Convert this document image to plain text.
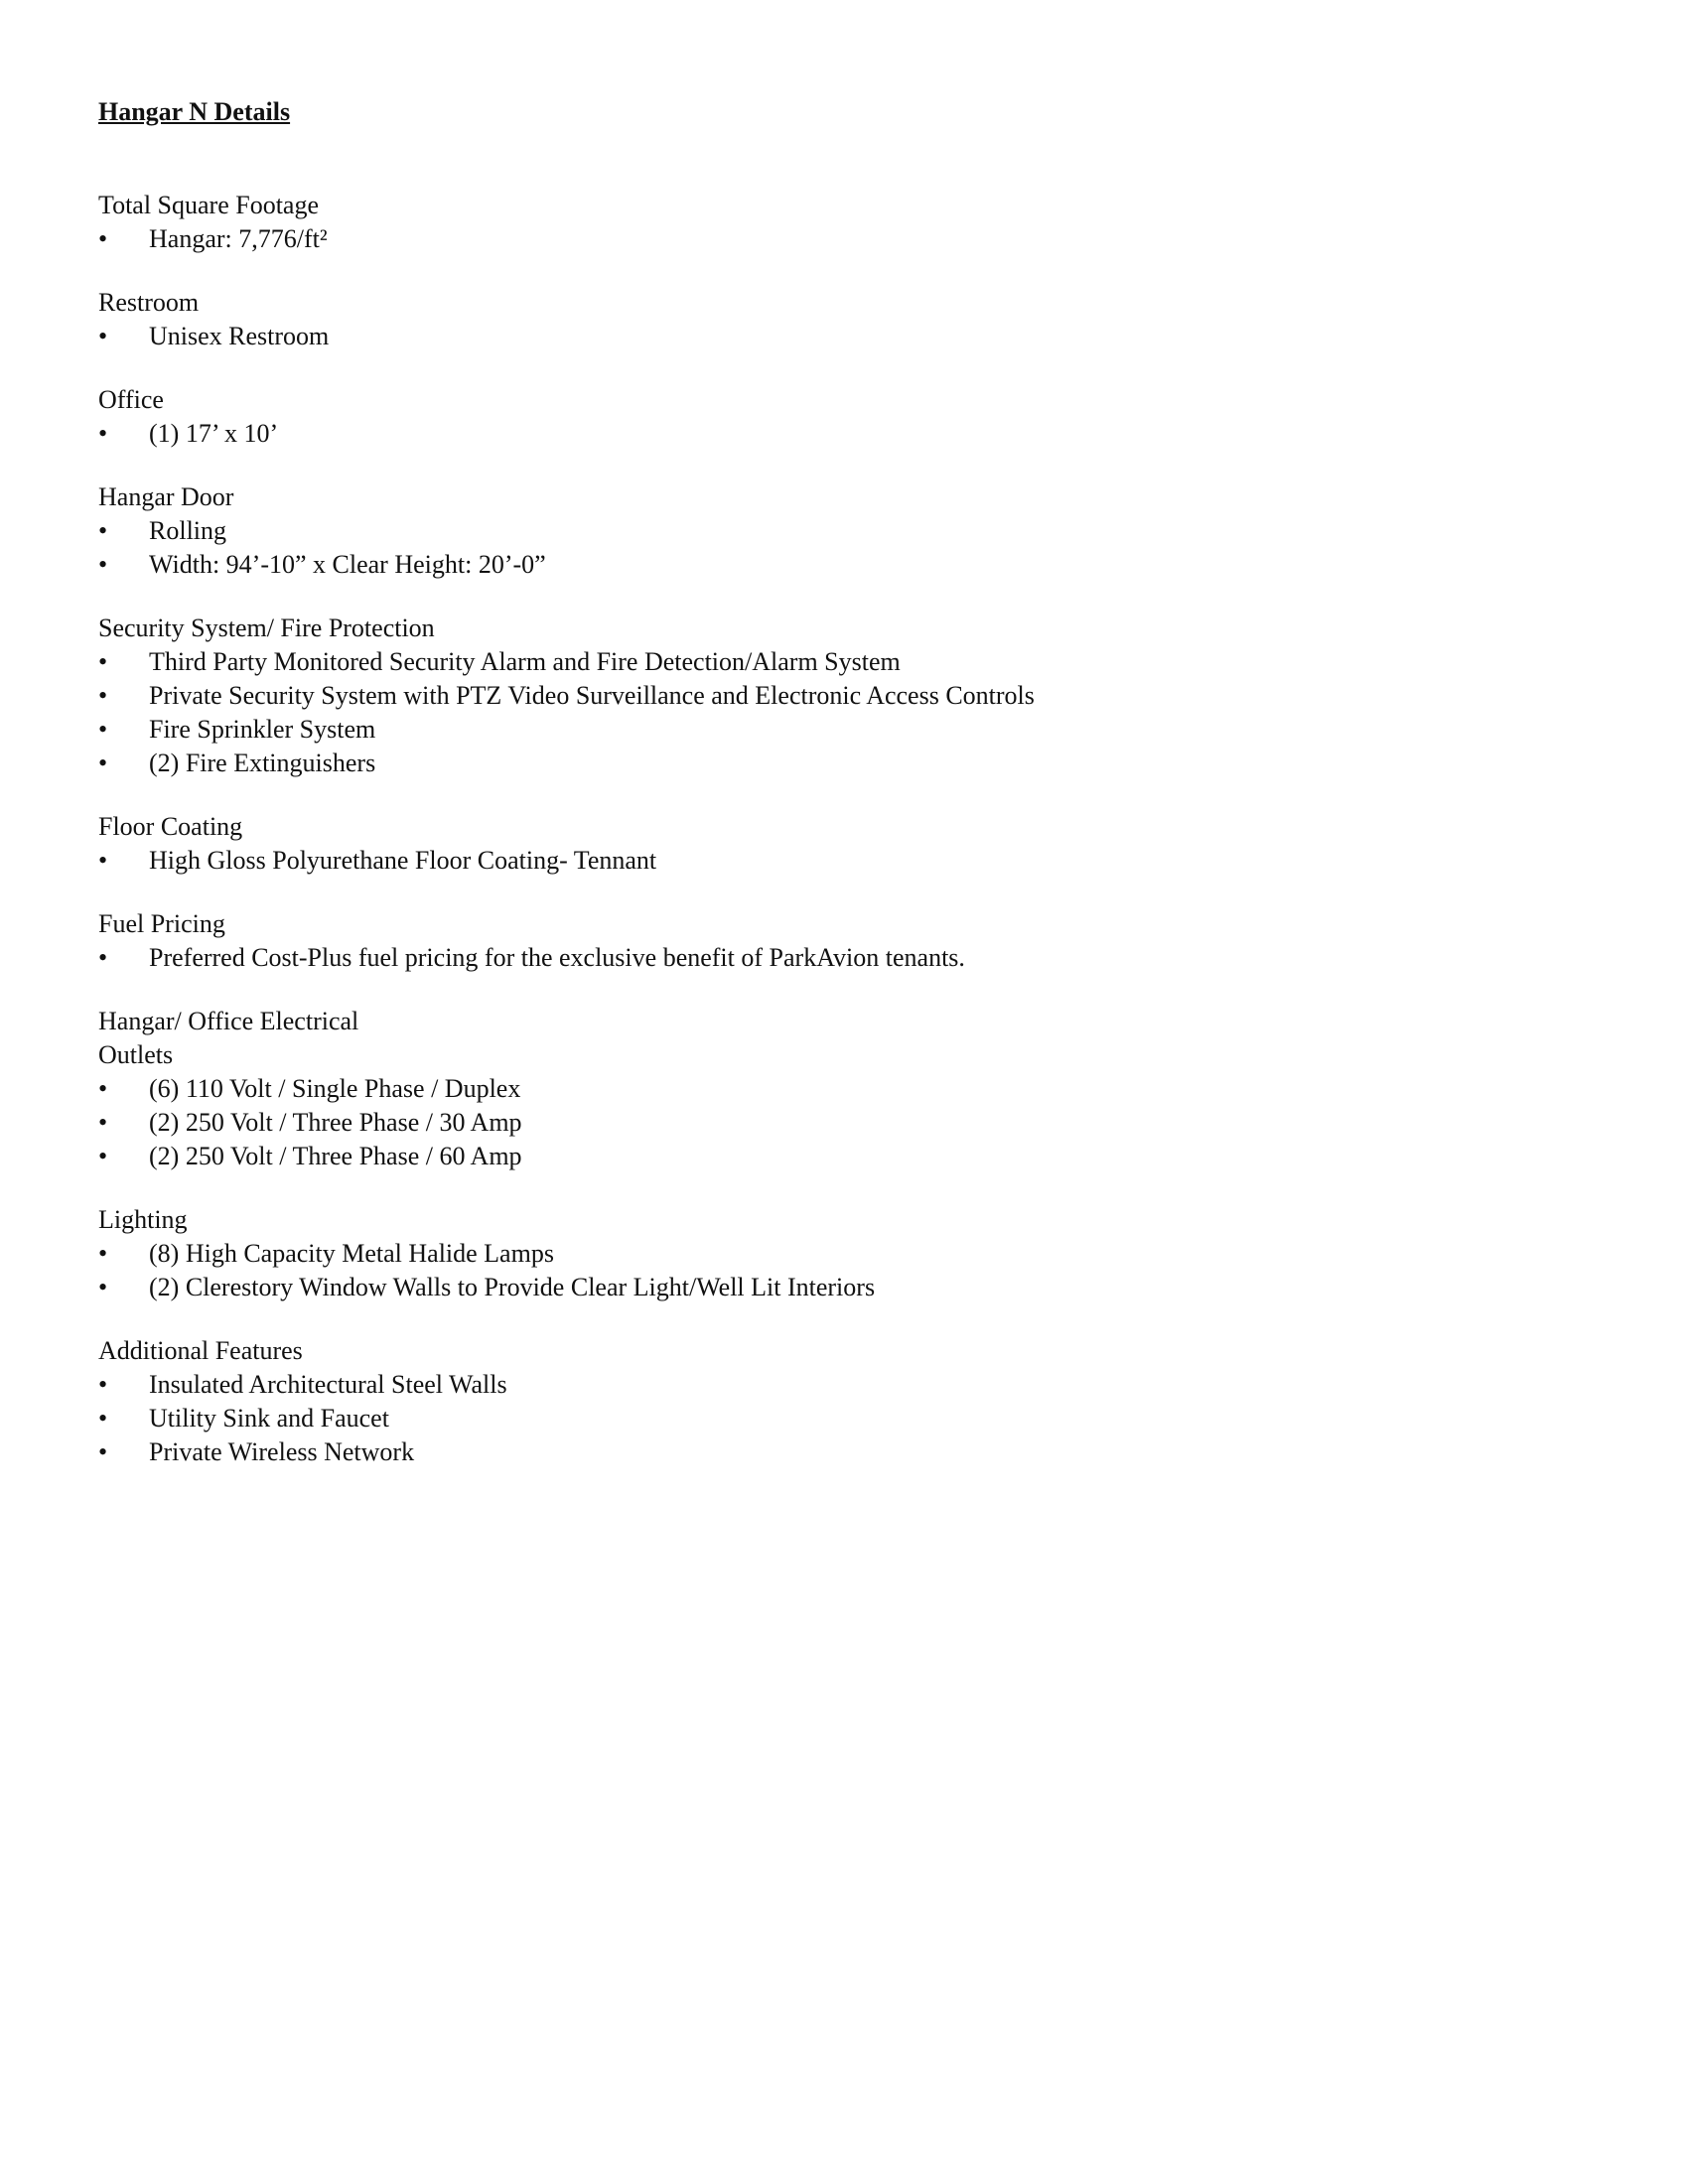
Hangar N Details
Total Square Footage
•	Hangar: 7,776/ft²
Restroom
•	Unisex Restroom
Office
•	(1) 17’ x 10’
Hangar Door
•	Rolling
•	Width: 94’-10” x Clear Height: 20’-0”
Security System/ Fire Protection
•	Third Party Monitored Security Alarm and Fire Detection/Alarm System
•	Private Security System with PTZ Video Surveillance and Electronic Access Controls
•	Fire Sprinkler System
•	(2) Fire Extinguishers
Floor Coating
•	High Gloss Polyurethane Floor Coating- Tennant
Fuel Pricing
•	Preferred Cost-Plus fuel pricing for the exclusive benefit of ParkAvion tenants.
Hangar/ Office Electrical
Outlets
•	(6) 110 Volt / Single Phase / Duplex
•	(2) 250 Volt / Three Phase / 30 Amp
•	(2) 250 Volt / Three Phase / 60 Amp
Lighting
•	(8) High Capacity Metal Halide Lamps
•	(2) Clerestory Window Walls to Provide Clear Light/Well Lit Interiors
Additional Features
•	Insulated Architectural Steel Walls
•	Utility Sink and Faucet
•	Private Wireless Network
